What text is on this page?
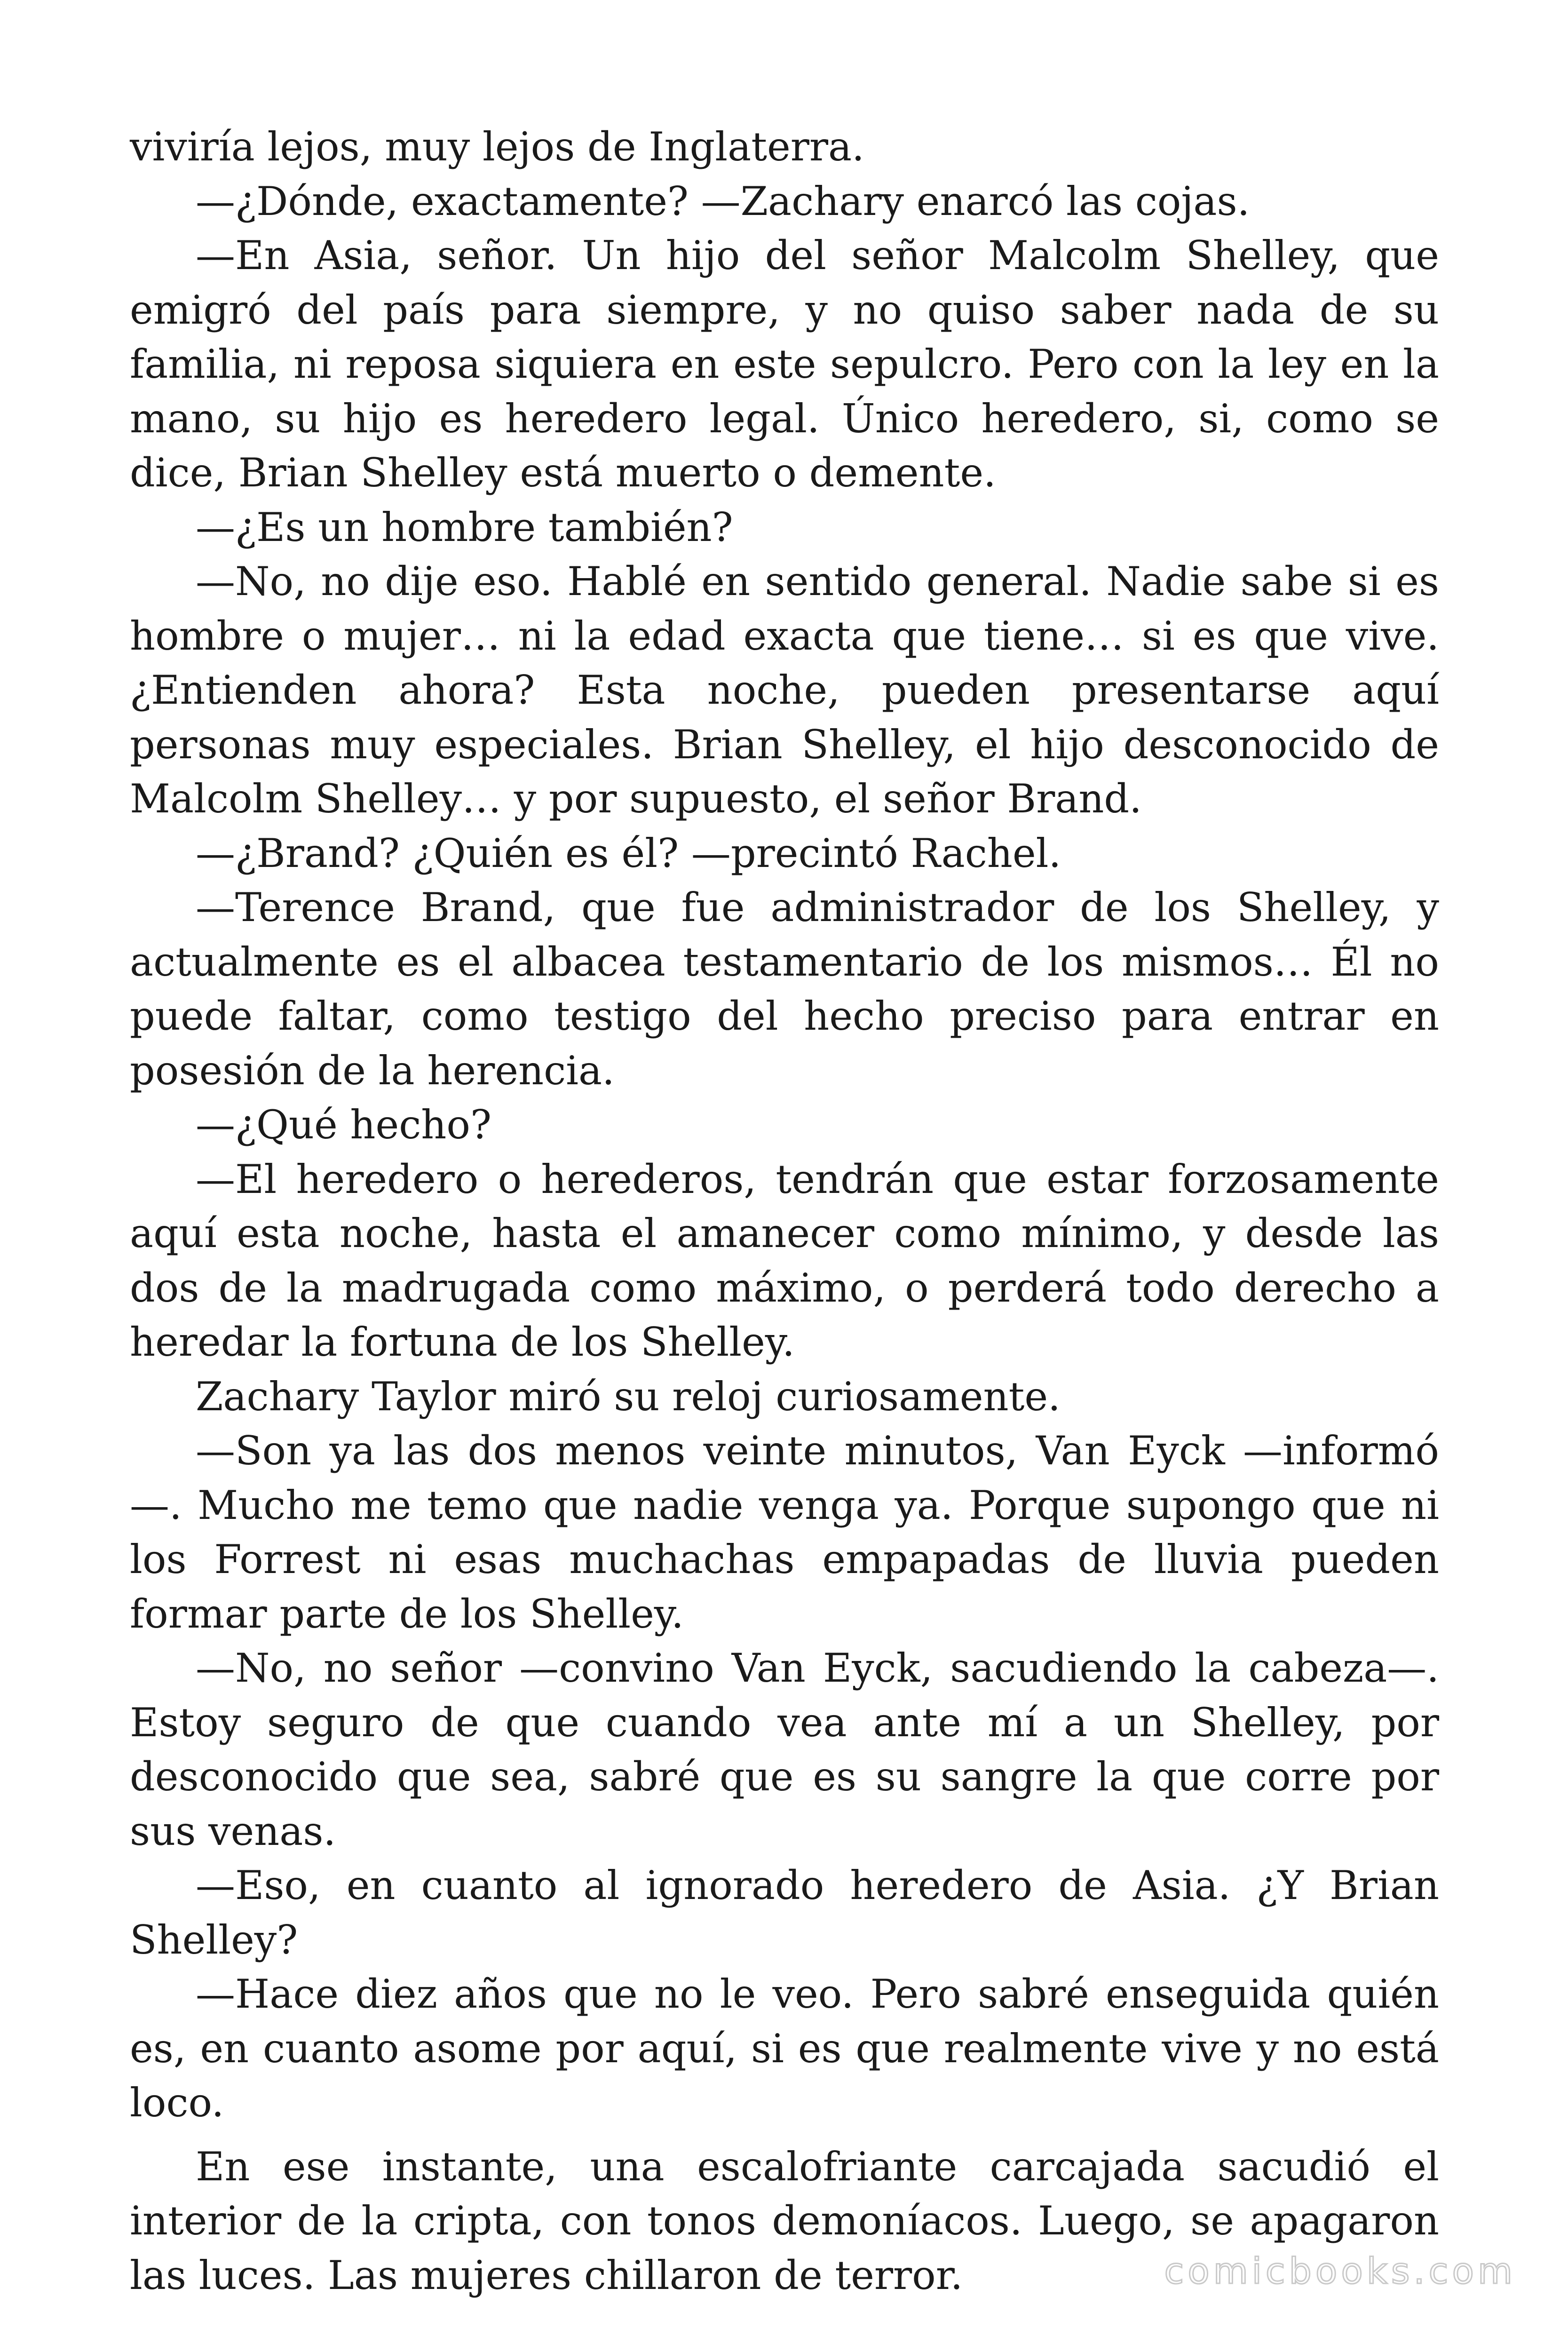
viviría lejos, muy lejos de Inglaterra.

—¿Dónde, exactamente? —Zachary enarcó las cojas.

—En Asia, señor. Un hijo del señor Malcolm Shelley, que emigró del país para siempre, y no quiso saber nada de su familia, ni reposa siquiera en este sepulcro. Pero con la ley en la mano, su hijo es heredero legal. Único heredero, si, como se dice, Brian Shelley está muerto o demente.

—¿Es un hombre también?

—No, no dije eso. Hablé en sentido general. Nadie sabe si es hombre o mujer… ni la edad exacta que tiene… si es que vive. ¿Entienden ahora? Esta noche, pueden presentarse aquí personas muy especiales. Brian Shelley, el hijo desconocido de Malcolm Shelley… y por supuesto, el señor Brand.

—¿Brand? ¿Quién es él? —precintó Rachel.

—Terence Brand, que fue administrador de los Shelley, y actualmente es el albacea testamentario de los mismos… Él no puede faltar, como testigo del hecho preciso para entrar en posesión de la herencia.

—¿Qué hecho?

—El heredero o herederos, tendrán que estar forzosamente aquí esta noche, hasta el amanecer como mínimo, y desde las dos de la madrugada como máximo, o perderá todo derecho a heredar la fortuna de los Shelley.

Zachary Taylor miró su reloj curiosamente.

—Son ya las dos menos veinte minutos, Van Eyck —informó—. Mucho me temo que nadie venga ya. Porque supongo que ni los Forrest ni esas muchachas empapadas de lluvia pueden formar parte de los Shelley.

—No, no señor —convino Van Eyck, sacudiendo la cabeza—. Estoy seguro de que cuando vea ante mí a un Shelley, por desconocido que sea, sabré que es su sangre la que corre por sus venas.

—Eso, en cuanto al ignorado heredero de Asia. ¿Y Brian Shelley?

—Hace diez años que no le veo. Pero sabré enseguida quién es, en cuanto asome por aquí, si es que realmente vive y no está loco.

En ese instante, una escalofriante carcajada sacudió el interior de la cripta, con tonos demoníacos. Luego, se apagaron las luces. Las mujeres chillaron de terror.	comicbooks.com
